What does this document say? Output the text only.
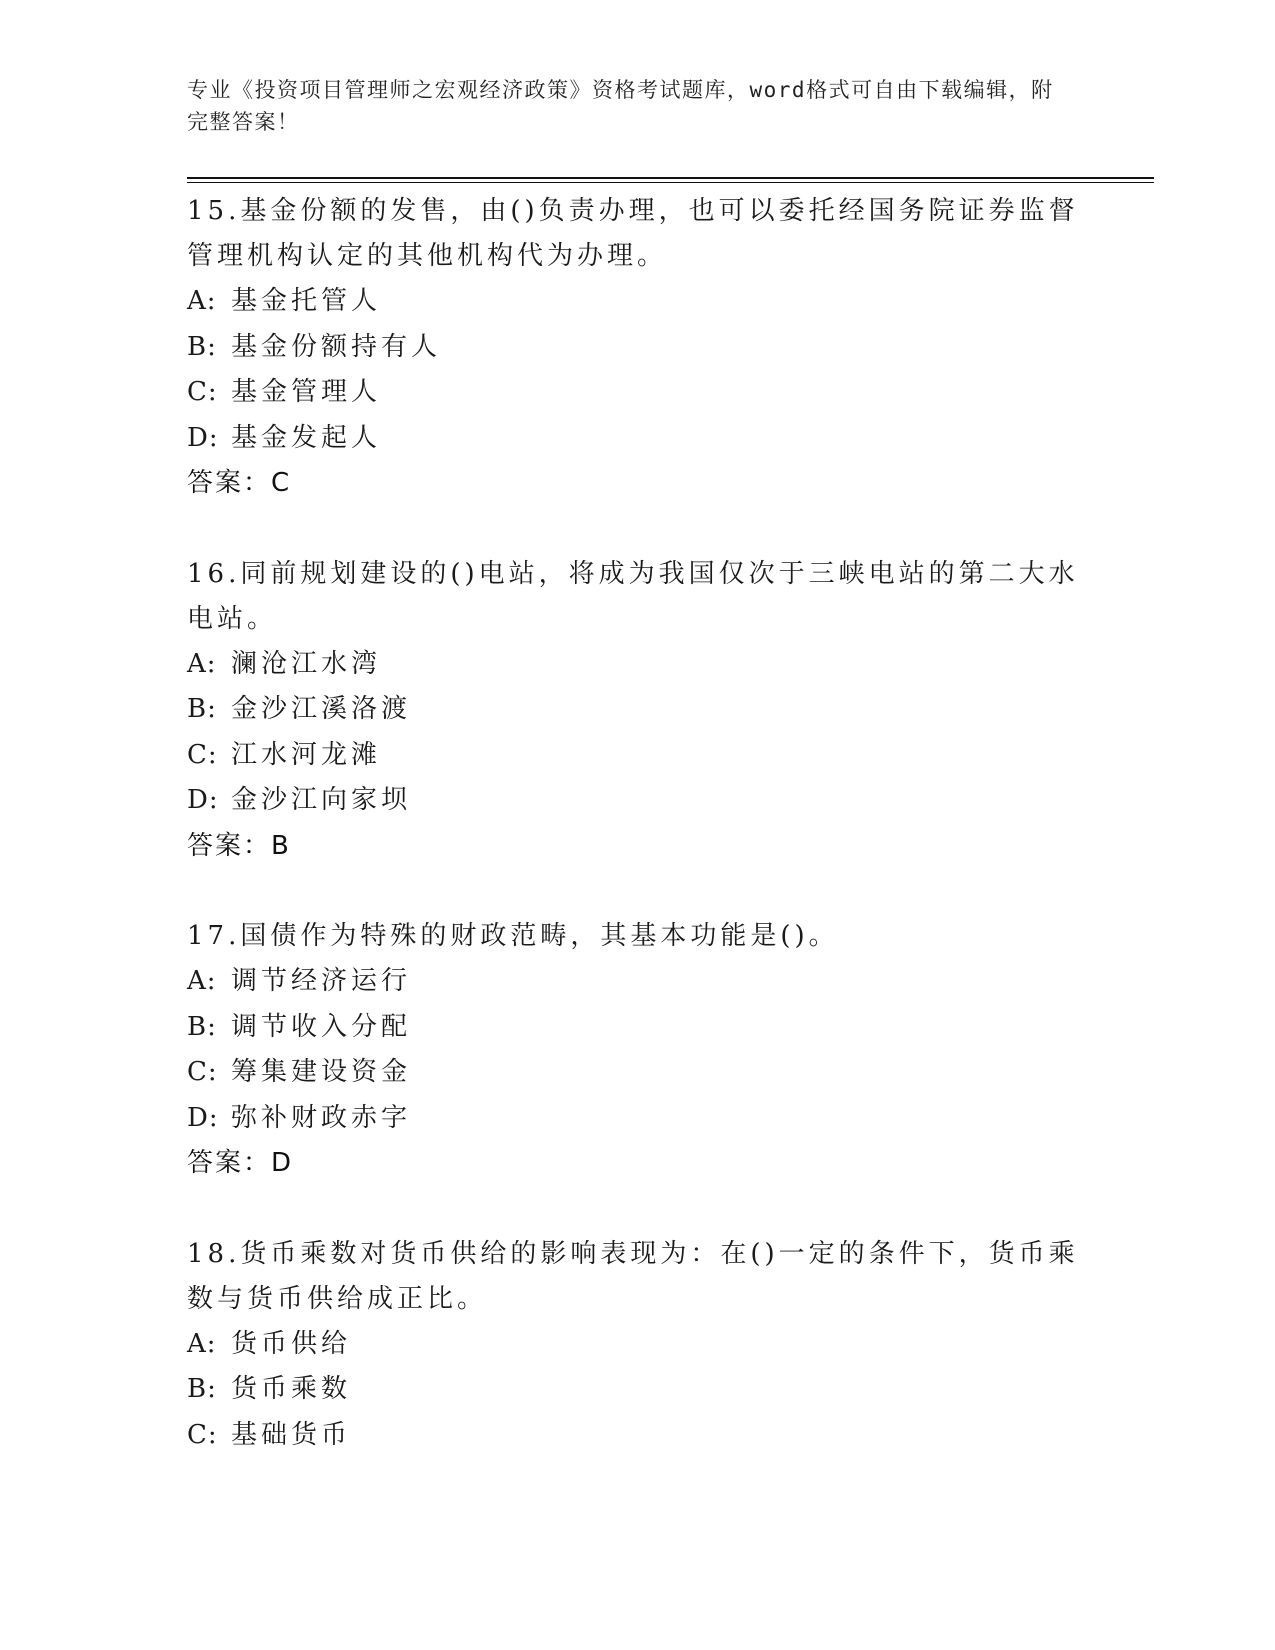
专业《投资项目管理师之宏观经济政策》资格考试题库，word格式可自由下载编辑，附完整答案！

15.基金份额的发售，由()负责办理，也可以委托经国务院证券监督管理机构认定的其他机构代为办理。

A: 基金托管人

B: 基金份额持有人

C: 基金管理人

D: 基金发起人

答案：C

16.同前规划建设的()电站，将成为我国仅次于三峡电站的第二大水电站。

A: 澜沧江水湾

B: 金沙江溪洛渡

C: 江水河龙滩

D: 金沙江向家坝

答案：B

17.国债作为特殊的财政范畴，其基本功能是()。

A: 调节经济运行

B: 调节收入分配

C: 筹集建设资金

D: 弥补财政赤字

答案：D

18.货币乘数对货币供给的影响表现为：在()一定的条件下，货币乘数与货币供给成正比。

A: 货币供给

B: 货币乘数

C: 基础货币
